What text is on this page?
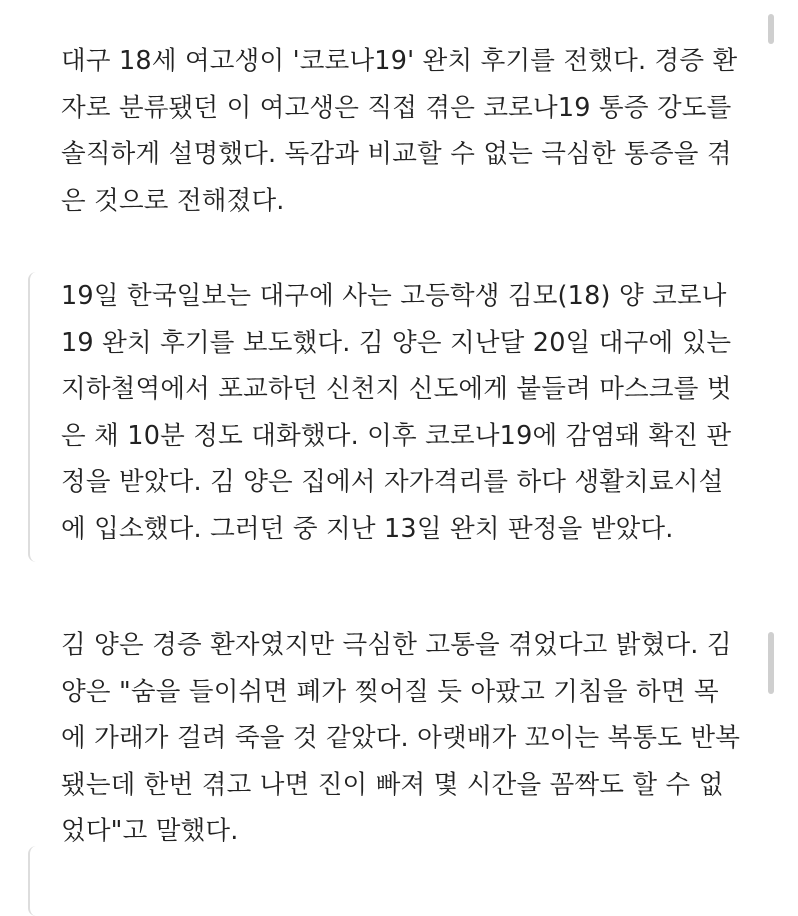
대구 18세 여고생이 '코로나19' 완치 후기를 전했다. 경증 환
자로 분류됐던 이 여고생은 직접 겪은 코로나19 통증 강도를
솔직하게 설명했다. 독감과 비교할 수 없는 극심한 통증을 겪
은 것으로 전해졌다.

19일 한국일보는 대구에 사는 고등학생 김모(18) 양 코로나
19 완치 후기를 보도했다. 김 양은 지난달 20일 대구에 있는
지하철역에서 포교하던 신천지 신도에게 붙들려 마스크를 벗
은 채 10분 정도 대화했다. 이후 코로나19에 감염돼 확진 판
정을 받았다. 김 양은 집에서 자가격리를 하다 생활치료시설
에 입소했다. 그러던 중 지난 13일 완치 판정을 받았다.

김 양은 경증 환자였지만 극심한 고통을 겪었다고 밝혔다. 김
양은 "숨을 들이쉬면 폐가 찢어질 듯 아팠고 기침을 하면 목
에 가래가 걸려 죽을 것 같았다. 아랫배가 꼬이는 복통도 반복
됐는데 한번 겪고 나면 진이 빠져 몇 시간을 꼼짝도 할 수 없
었다"고 말했다.
